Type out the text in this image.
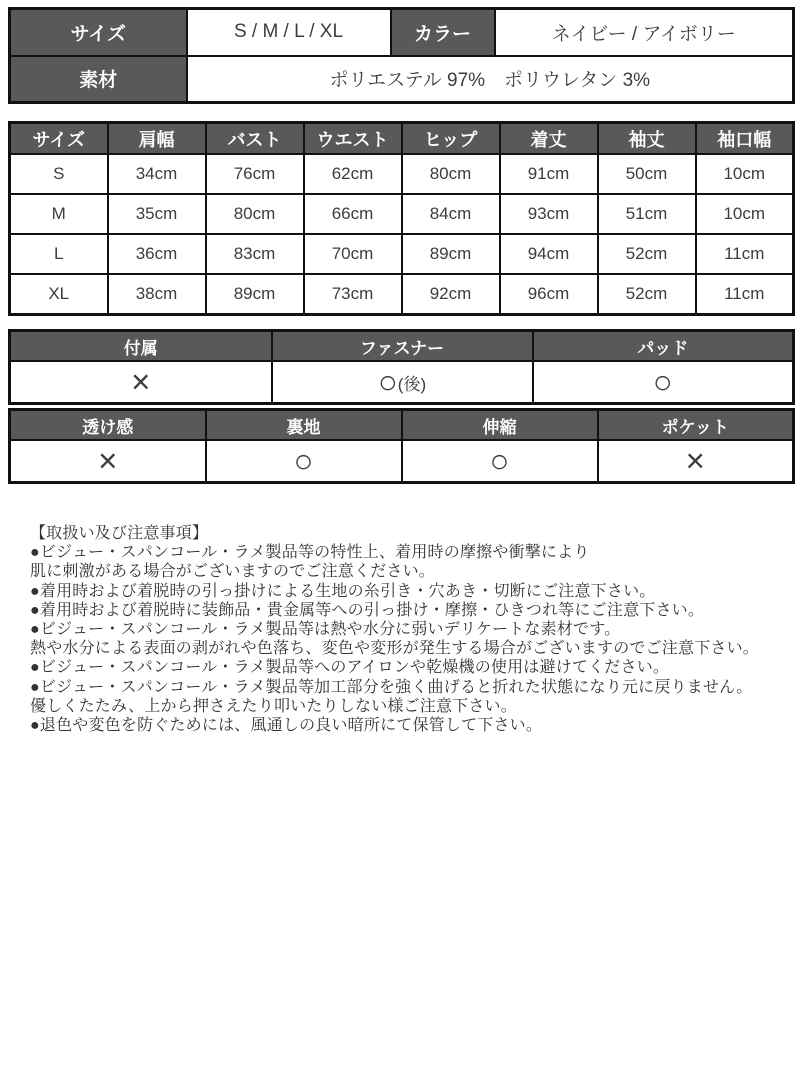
サイズ	S / M / L / XL	カラー	ネイビー / アイボリー
素材	ポリエステル 97%　ポリウレタン 3%		
サイズ	肩幅	バスト	ウエスト	ヒップ	着丈	袖丈	袖口幅
S	34cm	76cm	62cm	80cm	91cm	50cm	10cm
M	35cm	80cm	66cm	84cm	93cm	51cm	10cm
L	36cm	83cm	70cm	89cm	94cm	52cm	11cm
XL	38cm	89cm	73cm	92cm	96cm	52cm	11cm
付属	ファスナー	パッド
×	○(後)	○
透け感	裏地	伸縮	ポケット
×	○	○	×
【取扱い及び注意事項】
●ビジュー・スパンコール・ラメ製品等の特性上、着用時の摩擦や衝撃により
肌に刺激がある場合がございますのでご注意ください。
●着用時および着脱時の引っ掛けによる生地の糸引き・穴あき・切断にご注意下さい。
●着用時および着脱時に装飾品・貴金属等への引っ掛け・摩擦・ひきつれ等にご注意下さい。
●ビジュー・スパンコール・ラメ製品等は熱や水分に弱いデリケートな素材です。
熱や水分による表面の剥がれや色落ち、変色や変形が発生する場合がございますのでご注意下さい。
●ビジュー・スパンコール・ラメ製品等へのアイロンや乾燥機の使用は避けてください。
●ビジュー・スパンコール・ラメ製品等加工部分を強く曲げると折れた状態になり元に戻りません。
優しくたたみ、上から押さえたり叩いたりしない様ご注意下さい。
●退色や変色を防ぐためには、風通しの良い暗所にて保管して下さい。
